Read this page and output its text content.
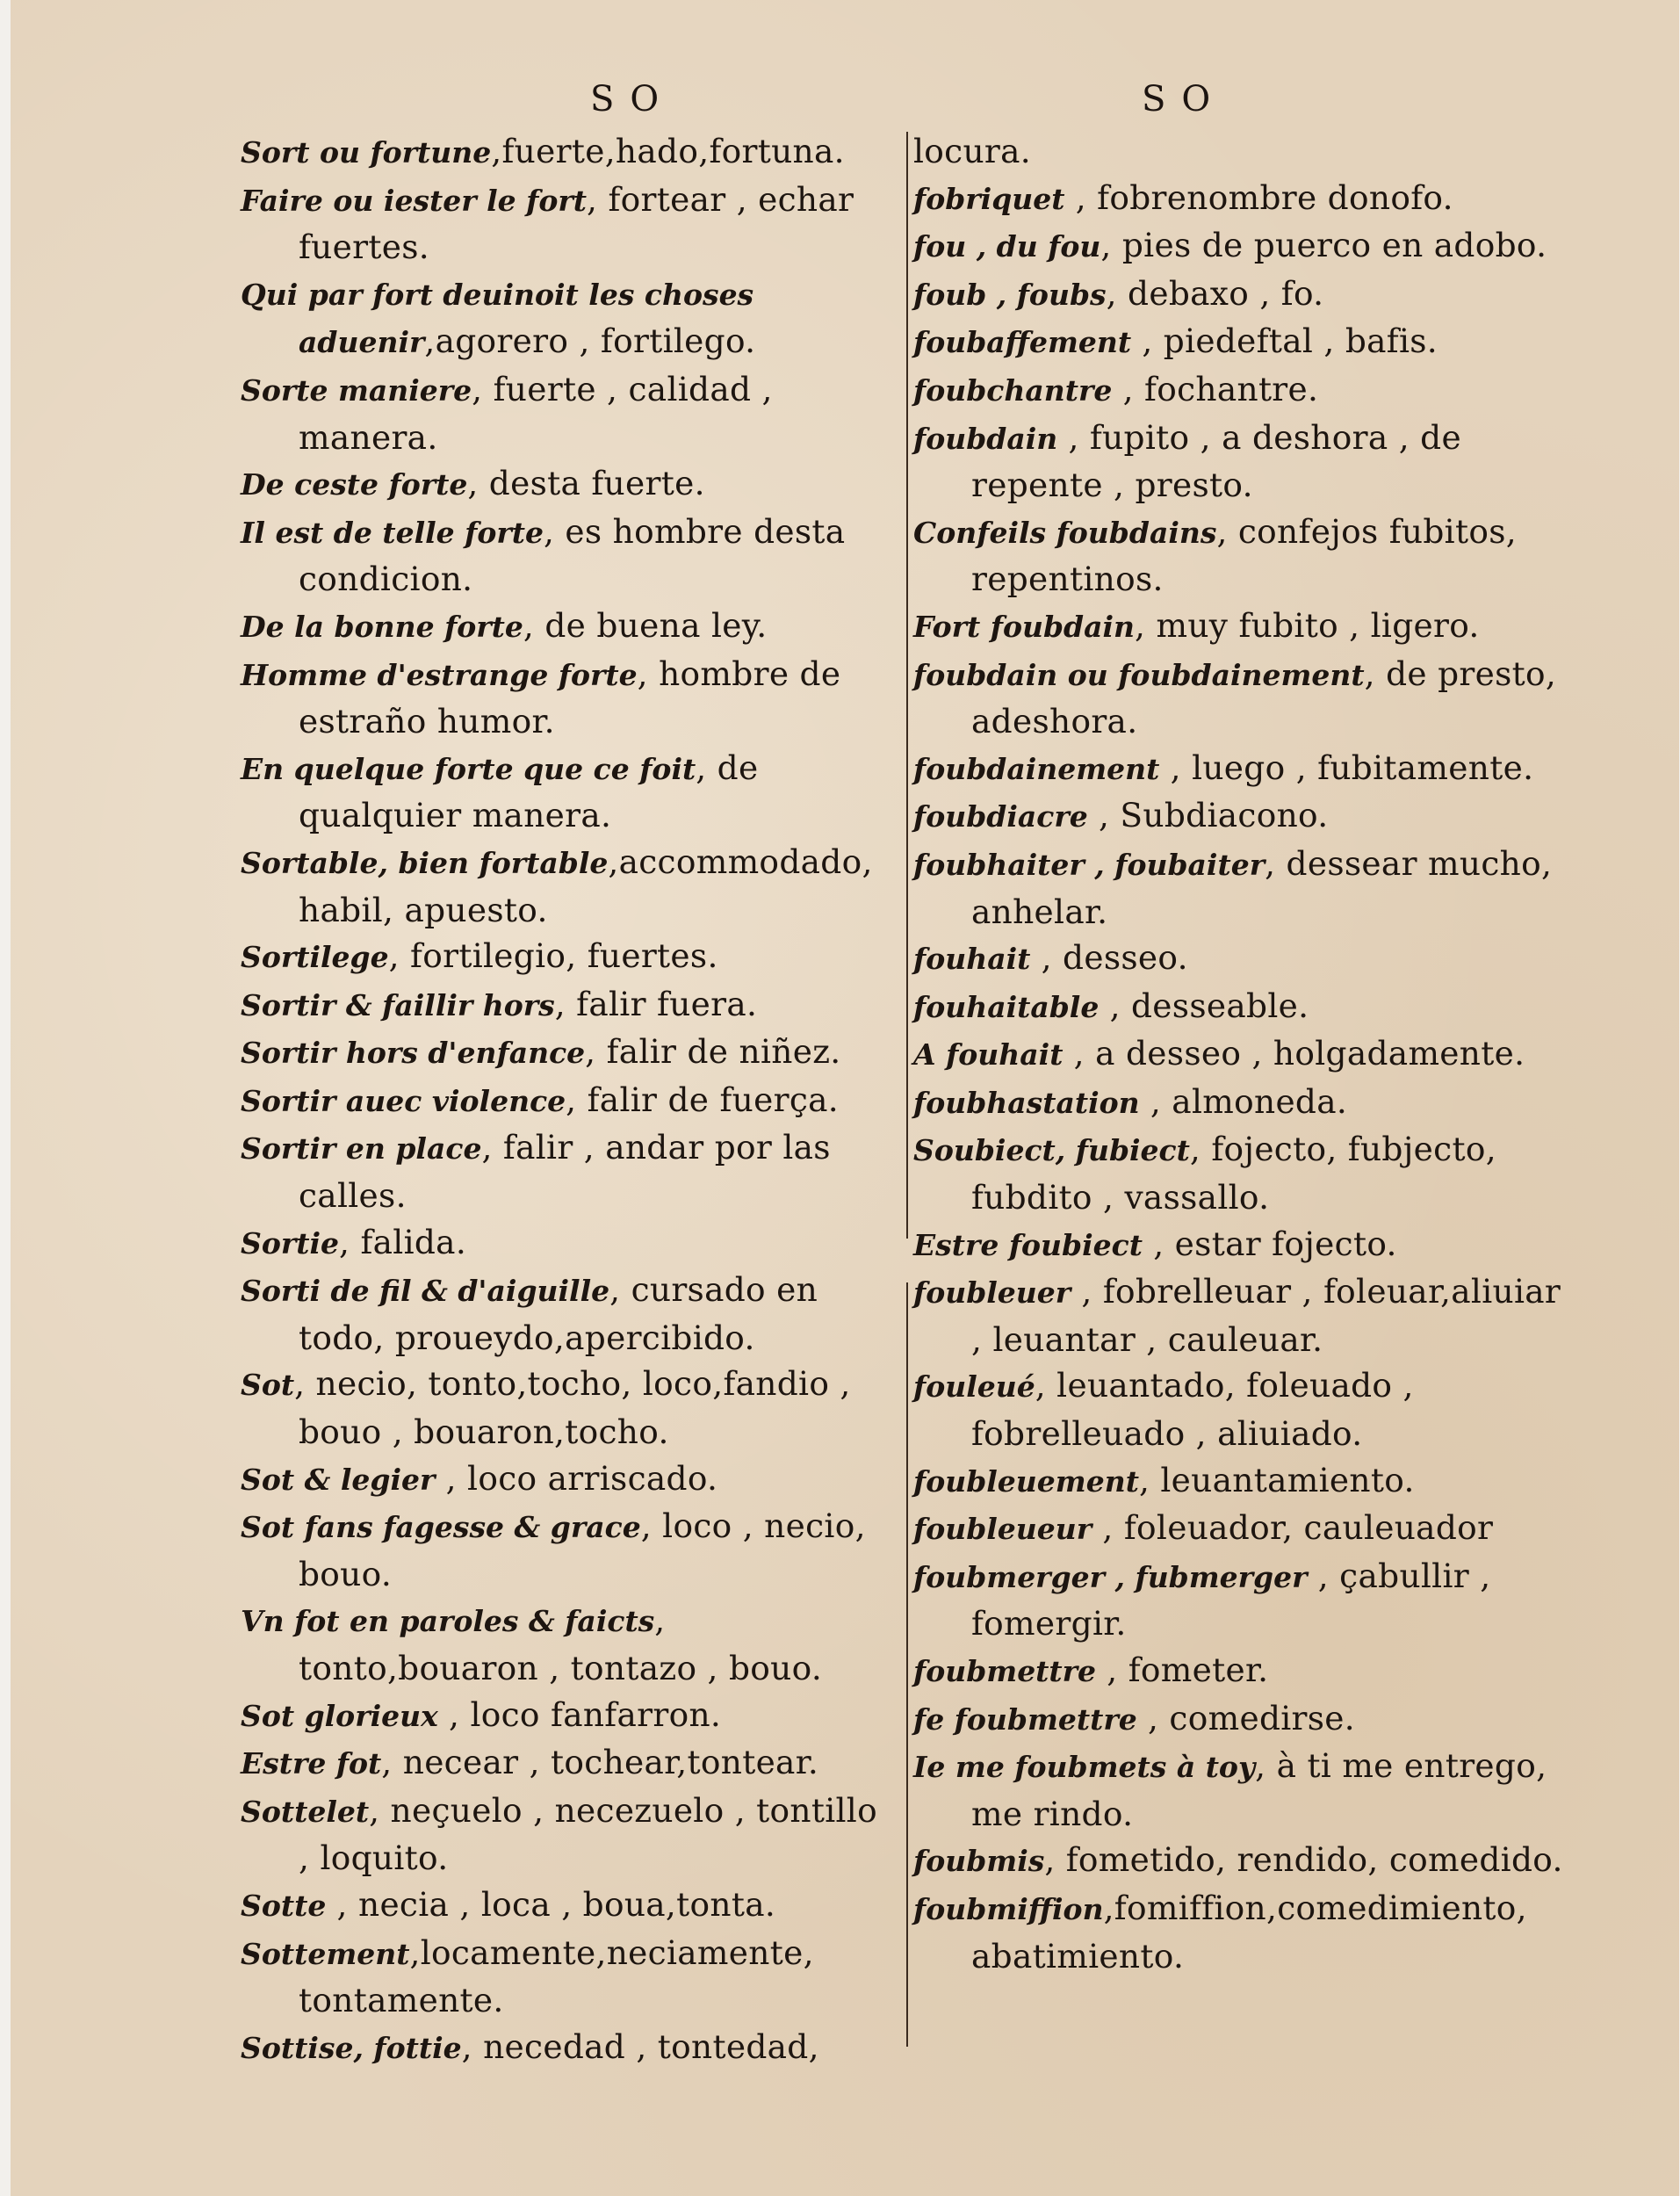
SO	SO

Sort ou fortune,fuerte,hado,fortuna.

Faire ou iester le fort, fortear , echar fuertes.

Qui par fort deuinoit les choses aduenir,agorero , fortilego.

Sorte maniere, fuerte , calidad , manera.

De ceste forte, desta fuerte.

Il est de telle forte, es hombre desta condicion.

De la bonne forte, de buena ley.

Homme d'estrange forte, hombre de estraño humor.

En quelque forte que ce foit, de qualquier manera.

Sortable, bien fortable,accommodado, habil, apuesto.

Sortilege, fortilegio, fuertes.

Sortir & faillir hors, falir fuera.

Sortir hors d'enfance, falir de niñez.

Sortir auec violence, falir de fuerça.

Sortir en place, falir , andar por las calles.

Sortie, falida.

Sorti de fil & d'aiguille, cursado en todo, proueydo,apercibido.

Sot, necio, tonto,tocho, loco,fandio , bouo , bouaron,tocho.

Sot & legier , loco arriscado.

Sot fans fagesse & grace, loco , necio, bouo.

Vn fot en paroles & faicts, tonto,bouaron , tontazo , bouo.

Sot glorieux , loco fanfarron.

Estre fot, necear , tochear,tontear.

Sottelet, neçuelo , necezuelo , tontillo , loquito.

Sotte , necia , loca , boua,tonta.

Sottement,locamente,neciamente, tontamente.

Sottise, fottie, necedad , tontedad,

locura.

fobriquet , fobrenombre donofo.

fou , du fou, pies de puerco en adobo.

foub , foubs, debaxo , fo.

foubaffement , piedeftal , bafis.

foubchantre , fochantre.

foubdain , fupito , a deshora , de repente , presto.

Confeils foubdains, confejos fubitos, repentinos.

Fort foubdain, muy fubito , ligero.

foubdain ou foubdainement, de presto, adeshora.

foubdainement , luego , fubitamente.

foubdiacre , Subdiacono.

foubhaiter , foubaiter, dessear mucho, anhelar.

fouhait , desseo.

fouhaitable , desseable.

A fouhait , a desseo , holgadamente.

foubhastation , almoneda.

Soubiect, fubiect, fojecto, fubjecto, fubdito , vassallo.

Estre foubiect , estar fojecto.

foubleuer , fobrelleuar , foleuar,aliuiar , leuantar , cauleuar.

fouleué, leuantado, foleuado , fobrelleuado , aliuiado.

foubleuement, leuantamiento.

foubleueur , foleuador, cauleuador

foubmerger , fubmerger , çabullir , fomergir.

foubmettre , fometer.

fe foubmettre , comedirse.

Ie me foubmets à toy, à ti me entrego, me rindo.

foubmis, fometido, rendido, comedido.

foubmiffion,fomiffion,comedimiento, abatimiento.
